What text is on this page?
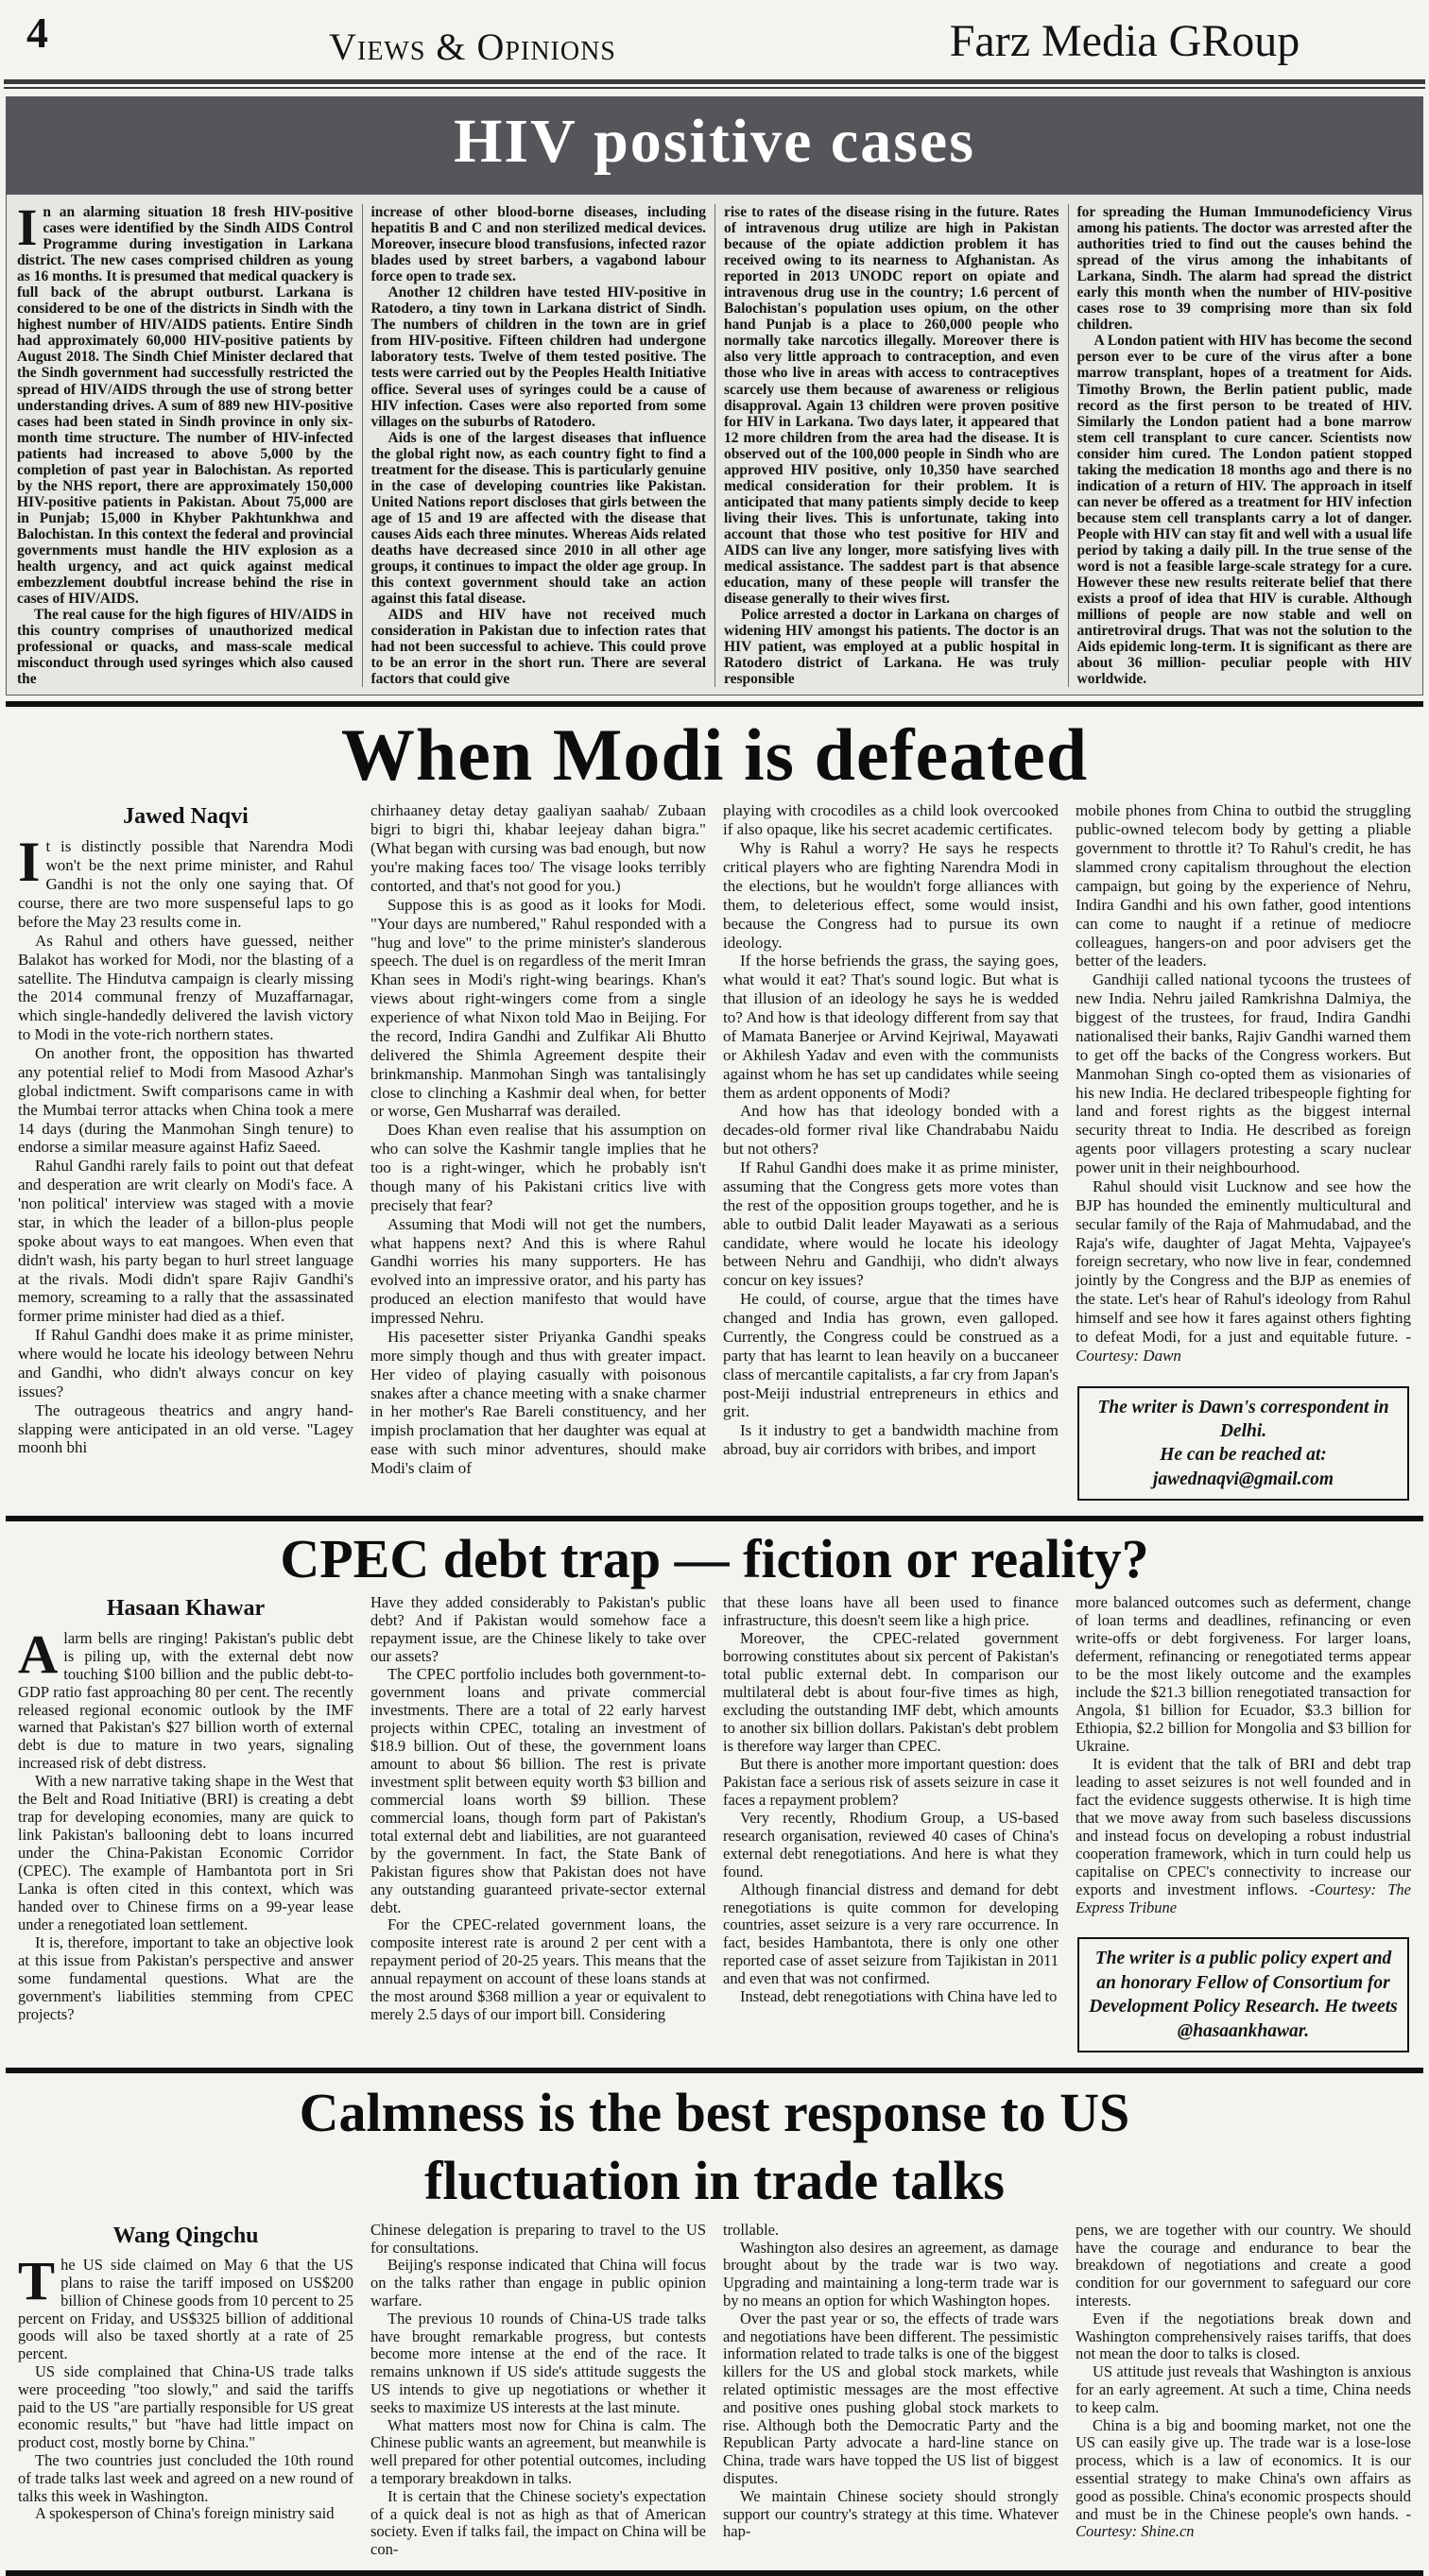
4	Views & Opinions	Farz Media GRoup
HIV positive cases

In an alarming situation 18 fresh HIV-positive cases were identified by the Sindh AIDS Control Programme during investigation in Larkana district. The new cases comprised children as young as 16 months. It is presumed that medical quackery is full back of the abrupt outburst. Larkana is considered to be one of the districts in Sindh with the highest number of HIV/AIDS patients. Entire Sindh had approximately 60,000 HIV-positive patients by August 2018. The Sindh Chief Minister declared that the Sindh government had successfully restricted the spread of HIV/AIDS through the use of strong better understanding drives. A sum of 889 new HIV-positive cases had been stated in Sindh province in only six-month time structure. The number of HIV-infected patients had increased to above 5,000 by the completion of past year in Balochistan. As reported by the NHS report, there are approximately 150,000 HIV-positive patients in Pakistan. About 75,000 are in Punjab; 15,000 in Khyber Pakhtunkhwa and Balochistan. In this context the federal and provincial governments must handle the HIV explosion as a health urgency, and act quick against medical embezzlement doubtful increase behind the rise in cases of HIV/AIDS.

The real cause for the high figures of HIV/AIDS in this country comprises of unauthorized medical professional or quacks, and mass-scale medical misconduct through used syringes which also caused the

increase of other blood-borne diseases, including hepatitis B and C and non sterilized medical devices. Moreover, insecure blood transfusions, infected razor blades used by street barbers, a vagabond labour force open to trade sex.

Another 12 children have tested HIV-positive in Ratodero, a tiny town in Larkana district of Sindh. The numbers of children in the town are in grief from HIV-positive. Fifteen children had undergone laboratory tests. Twelve of them tested positive. The tests were carried out by the Peoples Health Initiative office. Several uses of syringes could be a cause of HIV infection. Cases were also reported from some villages on the suburbs of Ratodero.

Aids is one of the largest diseases that influence the global right now, as each country fight to find a treatment for the disease. This is particularly genuine in the case of developing countries like Pakistan. United Nations report discloses that girls between the age of 15 and 19 are affected with the disease that causes Aids each three minutes. Whereas Aids related deaths have decreased since 2010 in all other age groups, it continues to impact the older age group. In this context government should take an action against this fatal disease.

AIDS and HIV have not received much consideration in Pakistan due to infection rates that had not been successful to achieve. This could prove to be an error in the short run. There are several factors that could give

rise to rates of the disease rising in the future. Rates of intravenous drug utilize are high in Pakistan because of the opiate addiction problem it has received owing to its nearness to Afghanistan. As reported in 2013 UNODC report on opiate and intravenous drug use in the country; 1.6 percent of Balochistan's population uses opium, on the other hand Punjab is a place to 260,000 people who normally take narcotics illegally. Moreover there is also very little approach to contraception, and even those who live in areas with access to contraceptives scarcely use them because of awareness or religious disapproval. Again 13 children were proven positive for HIV in Larkana. Two days later, it appeared that 12 more children from the area had the disease. It is observed out of the 100,000 people in Sindh who are approved HIV positive, only 10,350 have searched medical consideration for their problem. It is anticipated that many patients simply decide to keep living their lives. This is unfortunate, taking into account that those who test positive for HIV and AIDS can live any longer, more satisfying lives with medical assistance. The saddest part is that absence education, many of these people will transfer the disease generally to their wives first.

Police arrested a doctor in Larkana on charges of widening HIV amongst his patients. The doctor is an HIV patient, was employed at a public hospital in Ratodero district of Larkana. He was truly responsible

for spreading the Human Immunodeficiency Virus among his patients. The doctor was arrested after the authorities tried to find out the causes behind the spread of the virus among the inhabitants of Larkana, Sindh. The alarm had spread the district early this month when the number of HIV-positive cases rose to 39 comprising more than six fold children.

A London patient with HIV has become the second person ever to be cure of the virus after a bone marrow transplant, hopes of a treatment for Aids. Timothy Brown, the Berlin patient public, made record as the first person to be treated of HIV. Similarly the London patient had a bone marrow stem cell transplant to cure cancer. Scientists now consider him cured. The London patient stopped taking the medication 18 months ago and there is no indication of a return of HIV. The approach in itself can never be offered as a treatment for HIV infection because stem cell transplants carry a lot of danger. People with HIV can stay fit and well with a usual life period by taking a daily pill. In the true sense of the word is not a feasible large-scale strategy for a cure. However these new results reiterate belief that there exists a proof of idea that HIV is curable. Although millions of people are now stable and well on antiretroviral drugs. That was not the solution to the Aids epidemic long-term. It is significant as there are about 36 million- peculiar people with HIV worldwide.

When Modi is defeated
Jawed Naqvi

It is distinctly possible that Narendra Modi won't be the next prime minister, and Rahul Gandhi is not the only one saying that. Of course, there are two more suspenseful laps to go before the May 23 results come in.

As Rahul and others have guessed, neither Balakot has worked for Modi, nor the blasting of a satellite. The Hindutva campaign is clearly missing the 2014 communal frenzy of Muzaffarnagar, which single-handedly delivered the lavish victory to Modi in the vote-rich northern states.

On another front, the opposition has thwarted any potential relief to Modi from Masood Azhar's global indictment. Swift comparisons came in with the Mumbai terror attacks when China took a mere 14 days (during the Manmohan Singh tenure) to endorse a similar measure against Hafiz Saeed.

Rahul Gandhi rarely fails to point out that defeat and desperation are writ clearly on Modi's face. A 'non political' interview was staged with a movie star, in which the leader of a billon-plus people spoke about ways to eat mangoes. When even that didn't wash, his party began to hurl street language at the rivals. Modi didn't spare Rajiv Gandhi's memory, screaming to a rally that the assassinated former prime minister had died as a thief.

If Rahul Gandhi does make it as prime minister, where would he locate his ideology between Nehru and Gandhi, who didn't always concur on key issues?

The outrageous theatrics and angry hand-slapping were anticipated in an old verse. "Lagey moonh bhi

chirhaaney detay detay gaaliyan saahab/ Zubaan bigri to bigri thi, khabar leejeay dahan bigra." (What began with cursing was bad enough, but now you're making faces too/ The visage looks terribly contorted, and that's not good for you.)

Suppose this is as good as it looks for Modi. "Your days are numbered," Rahul responded with a "hug and love" to the prime minister's slanderous speech. The duel is on regardless of the merit Imran Khan sees in Modi's right-wing bearings. Khan's views about right-wingers come from a single experience of what Nixon told Mao in Beijing. For the record, Indira Gandhi and Zulfikar Ali Bhutto delivered the Shimla Agreement despite their brinkmanship. Manmohan Singh was tantalisingly close to clinching a Kashmir deal when, for better or worse, Gen Musharraf was derailed.

Does Khan even realise that his assumption on who can solve the Kashmir tangle implies that he too is a right-winger, which he probably isn't though many of his Pakistani critics live with precisely that fear?

Assuming that Modi will not get the numbers, what happens next? And this is where Rahul Gandhi worries his many supporters. He has evolved into an impressive orator, and his party has produced an election manifesto that would have impressed Nehru.

His pacesetter sister Priyanka Gandhi speaks more simply though and thus with greater impact. Her video of playing casually with poisonous snakes after a chance meeting with a snake charmer in her mother's Rae Bareli constituency, and her impish proclamation that her daughter was equal at ease with such minor adventures, should make Modi's claim of

playing with crocodiles as a child look overcooked if also opaque, like his secret academic certificates.

Why is Rahul a worry? He says he respects critical players who are fighting Narendra Modi in the elections, but he wouldn't forge alliances with them, to deleterious effect, some would insist, because the Congress had to pursue its own ideology.

If the horse befriends the grass, the saying goes, what would it eat? That's sound logic. But what is that illusion of an ideology he says he is wedded to? And how is that ideology different from say that of Mamata Banerjee or Arvind Kejriwal, Mayawati or Akhilesh Yadav and even with the communists against whom he has set up candidates while seeing them as ardent opponents of Modi?

And how has that ideology bonded with a decades-old former rival like Chandrababu Naidu but not others?

If Rahul Gandhi does make it as prime minister, assuming that the Congress gets more votes than the rest of the opposition groups together, and he is able to outbid Dalit leader Mayawati as a serious candidate, where would he locate his ideology between Nehru and Gandhiji, who didn't always concur on key issues?

He could, of course, argue that the times have changed and India has grown, even galloped. Currently, the Congress could be construed as a party that has learnt to lean heavily on a buccaneer class of mercantile capitalists, a far cry from Japan's post-Meiji industrial entrepreneurs in ethics and grit.

Is it industry to get a bandwidth machine from abroad, buy air corridors with bribes, and import

mobile phones from China to outbid the struggling public-owned telecom body by getting a pliable government to throttle it? To Rahul's credit, he has slammed crony capitalism throughout the election campaign, but going by the experience of Nehru, Indira Gandhi and his own father, good intentions can come to naught if a retinue of mediocre colleagues, hangers-on and poor advisers get the better of the leaders.

Gandhiji called national tycoons the trustees of new India. Nehru jailed Ramkrishna Dalmiya, the biggest of the trustees, for fraud, Indira Gandhi nationalised their banks, Rajiv Gandhi warned them to get off the backs of the Congress workers. But Manmohan Singh co-opted them as visionaries of his new India. He declared tribespeople fighting for land and forest rights as the biggest internal security threat to India. He described as foreign agents poor villagers protesting a scary nuclear power unit in their neighbourhood.

Rahul should visit Lucknow and see how the BJP has hounded the eminently multicultural and secular family of the Raja of Mahmudabad, and the Raja's wife, daughter of Jagat Mehta, Vajpayee's foreign secretary, who now live in fear, condemned jointly by the Congress and the BJP as enemies of the state. Let's hear of Rahul's ideology from Rahul himself and see how it fares against others fighting to defeat Modi, for a just and equitable future. -Courtesy: Dawn

The writer is Dawn's correspondent in Delhi.
He can be reached at: jawednaqvi@gmail.com
CPEC debt trap — fiction or reality?
Hasaan Khawar

Alarm bells are ringing! Pakistan's public debt is piling up, with the external debt now touching $100 billion and the public debt-to-GDP ratio fast approaching 80 per cent. The recently released regional economic outlook by the IMF warned that Pakistan's $27 billion worth of external debt is due to mature in two years, signaling increased risk of debt distress.

With a new narrative taking shape in the West that the Belt and Road Initiative (BRI) is creating a debt trap for developing economies, many are quick to link Pakistan's ballooning debt to loans incurred under the China-Pakistan Economic Corridor (CPEC). The example of Hambantota port in Sri Lanka is often cited in this context, which was handed over to Chinese firms on a 99-year lease under a renegotiated loan settlement.

It is, therefore, important to take an objective look at this issue from Pakistan's perspective and answer some fundamental questions. What are the government's liabilities stemming from CPEC projects?

Have they added considerably to Pakistan's public debt? And if Pakistan would somehow face a repayment issue, are the Chinese likely to take over our assets?

The CPEC portfolio includes both government-to-government loans and private commercial investments. There are a total of 22 early harvest projects within CPEC, totaling an investment of $18.9 billion. Out of these, the government loans amount to about $6 billion. The rest is private investment split between equity worth $3 billion and commercial loans worth $9 billion. These commercial loans, though form part of Pakistan's total external debt and liabilities, are not guaranteed by the government. In fact, the State Bank of Pakistan figures show that Pakistan does not have any outstanding guaranteed private-sector external debt.

For the CPEC-related government loans, the composite interest rate is around 2 per cent with a repayment period of 20-25 years. This means that the annual repayment on account of these loans stands at the most around $368 million a year or equivalent to merely 2.5 days of our import bill. Considering

that these loans have all been used to finance infrastructure, this doesn't seem like a high price.

Moreover, the CPEC-related government borrowing constitutes about six percent of Pakistan's total public external debt. In comparison our multilateral debt is about four-five times as high, excluding the outstanding IMF debt, which amounts to another six billion dollars. Pakistan's debt problem is therefore way larger than CPEC.

But there is another more important question: does Pakistan face a serious risk of assets seizure in case it faces a repayment problem?

Very recently, Rhodium Group, a US-based research organisation, reviewed 40 cases of China's external debt renegotiations. And here is what they found.

Although financial distress and demand for debt renegotiations is quite common for developing countries, asset seizure is a very rare occurrence. In fact, besides Hambantota, there is only one other reported case of asset seizure from Tajikistan in 2011 and even that was not confirmed.

Instead, debt renegotiations with China have led to

more balanced outcomes such as deferment, change of loan terms and deadlines, refinancing or even write-offs or debt forgiveness. For larger loans, deferment, refinancing or renegotiated terms appear to be the most likely outcome and the examples include the $21.3 billion renegotiated transaction for Angola, $1 billion for Ecuador, $3.3 billion for Ethiopia, $2.2 billion for Mongolia and $3 billion for Ukraine.

It is evident that the talk of BRI and debt trap leading to asset seizures is not well founded and in fact the evidence suggests otherwise. It is high time that we move away from such baseless discussions and instead focus on developing a robust industrial cooperation framework, which in turn could help us capitalise on CPEC's connectivity to increase our exports and investment inflows. -Courtesy: The Express Tribune

The writer is a public policy expert and an honorary Fellow of Consortium for Development Policy Research. He tweets @hasaankhawar.
Calmness is the best response to US fluctuation in trade talks
Wang Qingchu

The US side claimed on May 6 that the US plans to raise the tariff imposed on US$200 billion of Chinese goods from 10 percent to 25 percent on Friday, and US$325 billion of additional goods will also be taxed shortly at a rate of 25 percent.

US side complained that China-US trade talks were proceeding "too slowly," and said the tariffs paid to the US "are partially responsible for US great economic results," but "have had little impact on product cost, mostly borne by China."

The two countries just concluded the 10th round of trade talks last week and agreed on a new round of talks this week in Washington.

A spokesperson of China's foreign ministry said

Chinese delegation is preparing to travel to the US for consultations.

Beijing's response indicated that China will focus on the talks rather than engage in public opinion warfare.

The previous 10 rounds of China-US trade talks have brought remarkable progress, but contests become more intense at the end of the race. It remains unknown if US side's attitude suggests the US intends to give up negotiations or whether it seeks to maximize US interests at the last minute.

What matters most now for China is calm. The Chinese public wants an agreement, but meanwhile is well prepared for other potential outcomes, including a temporary breakdown in talks.

It is certain that the Chinese society's expectation of a quick deal is not as high as that of American society. Even if talks fail, the impact on China will be con-

trollable.

Washington also desires an agreement, as damage brought about by the trade war is two way. Upgrading and maintaining a long-term trade war is by no means an option for which Washington hopes.

Over the past year or so, the effects of trade wars and negotiations have been different. The pessimistic information related to trade talks is one of the biggest killers for the US and global stock markets, while related optimistic messages are the most effective and positive ones pushing global stock markets to rise. Although both the Democratic Party and the Republican Party advocate a hard-line stance on China, trade wars have topped the US list of biggest disputes.

We maintain Chinese society should strongly support our country's strategy at this time. Whatever hap-

pens, we are together with our country. We should have the courage and endurance to bear the breakdown of negotiations and create a good condition for our government to safeguard our core interests.

Even if the negotiations break down and Washington comprehensively raises tariffs, that does not mean the door to talks is closed.

US attitude just reveals that Washington is anxious for an early agreement. At such a time, China needs to keep calm.

China is a big and booming market, not one the US can easily give up. The trade war is a lose-lose process, which is a law of economics. It is our essential strategy to make China's own affairs as good as possible. China's economic prospects should and must be in the Chinese people's own hands. -Courtesy: Shine.cn
